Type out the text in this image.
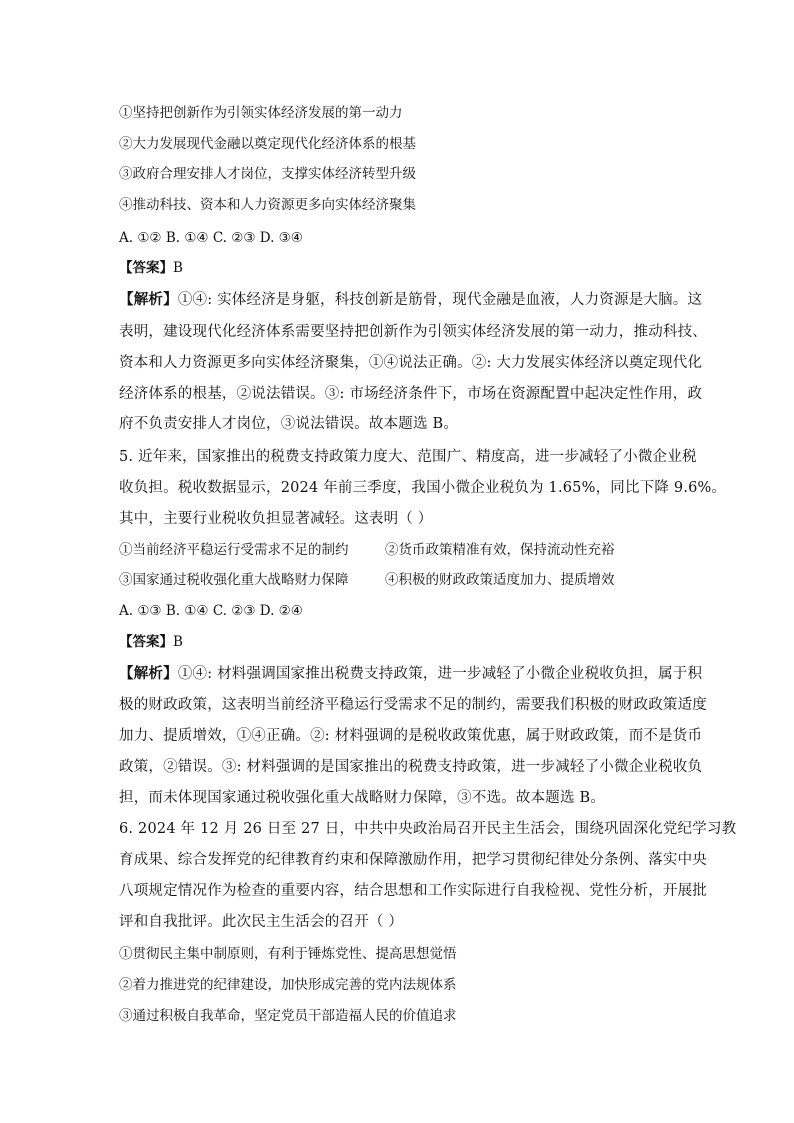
①坚持把创新作为引领实体经济发展的第一动力
②大力发展现代金融以奠定现代化经济体系的根基
③政府合理安排人才岗位，支撑实体经济转型升级
④推动科技、资本和人力资源更多向实体经济聚集
A. ①② B. ①④ C. ②③ D. ③④
【答案】B
【解析】①④: 实体经济是身躯，科技创新是筋骨，现代金融是血液，人力资源是大脑。这
表明，建设现代化经济体系需要坚持把创新作为引领实体经济发展的第一动力，推动科技、
资本和人力资源更多向实体经济聚集，①④说法正确。②: 大力发展实体经济以奠定现代化
经济体系的根基，②说法错误。③: 市场经济条件下，市场在资源配置中起决定性作用，政
府不负责安排人才岗位，③说法错误。故本题选 B。
5. 近年来，国家推出的税费支持政策力度大、范围广、精度高，进一步减轻了小微企业税
收负担。税收数据显示，2024 年前三季度，我国小微企业税负为 1.65%，同比下降 9.6%。
其中，主要行业税收负担显著减轻。这表明（ ）
①当前经济平稳运行受需求不足的制约	②货币政策精准有效，保持流动性充裕
③国家通过税收强化重大战略财力保障	④积极的财政政策适度加力、提质增效
A. ①③ B. ①④ C. ②③ D. ②④
【答案】B
【解析】①④: 材料强调国家推出税费支持政策，进一步减轻了小微企业税收负担，属于积
极的财政政策，这表明当前经济平稳运行受需求不足的制约，需要我们积极的财政政策适度
加力、提质增效，①④正确。②: 材料强调的是税收政策优惠，属于财政政策，而不是货币
政策，②错误。③: 材料强调的是国家推出的税费支持政策，进一步减轻了小微企业税收负
担，而未体现国家通过税收强化重大战略财力保障，③不选。故本题选 B。
6. 2024 年 12 月 26 日至 27 日，中共中央政治局召开民主生活会，围绕巩固深化党纪学习教
育成果、综合发挥党的纪律教育约束和保障激励作用，把学习贯彻纪律处分条例、落实中央
八项规定情况作为检查的重要内容，结合思想和工作实际进行自我检视、党性分析，开展批
评和自我批评。此次民主生活会的召开（ ）
①贯彻民主集中制原则，有利于锤炼党性、提高思想觉悟
②着力推进党的纪律建设，加快形成完善的党内法规体系
③通过积极自我革命，坚定党员干部造福人民的价值追求
